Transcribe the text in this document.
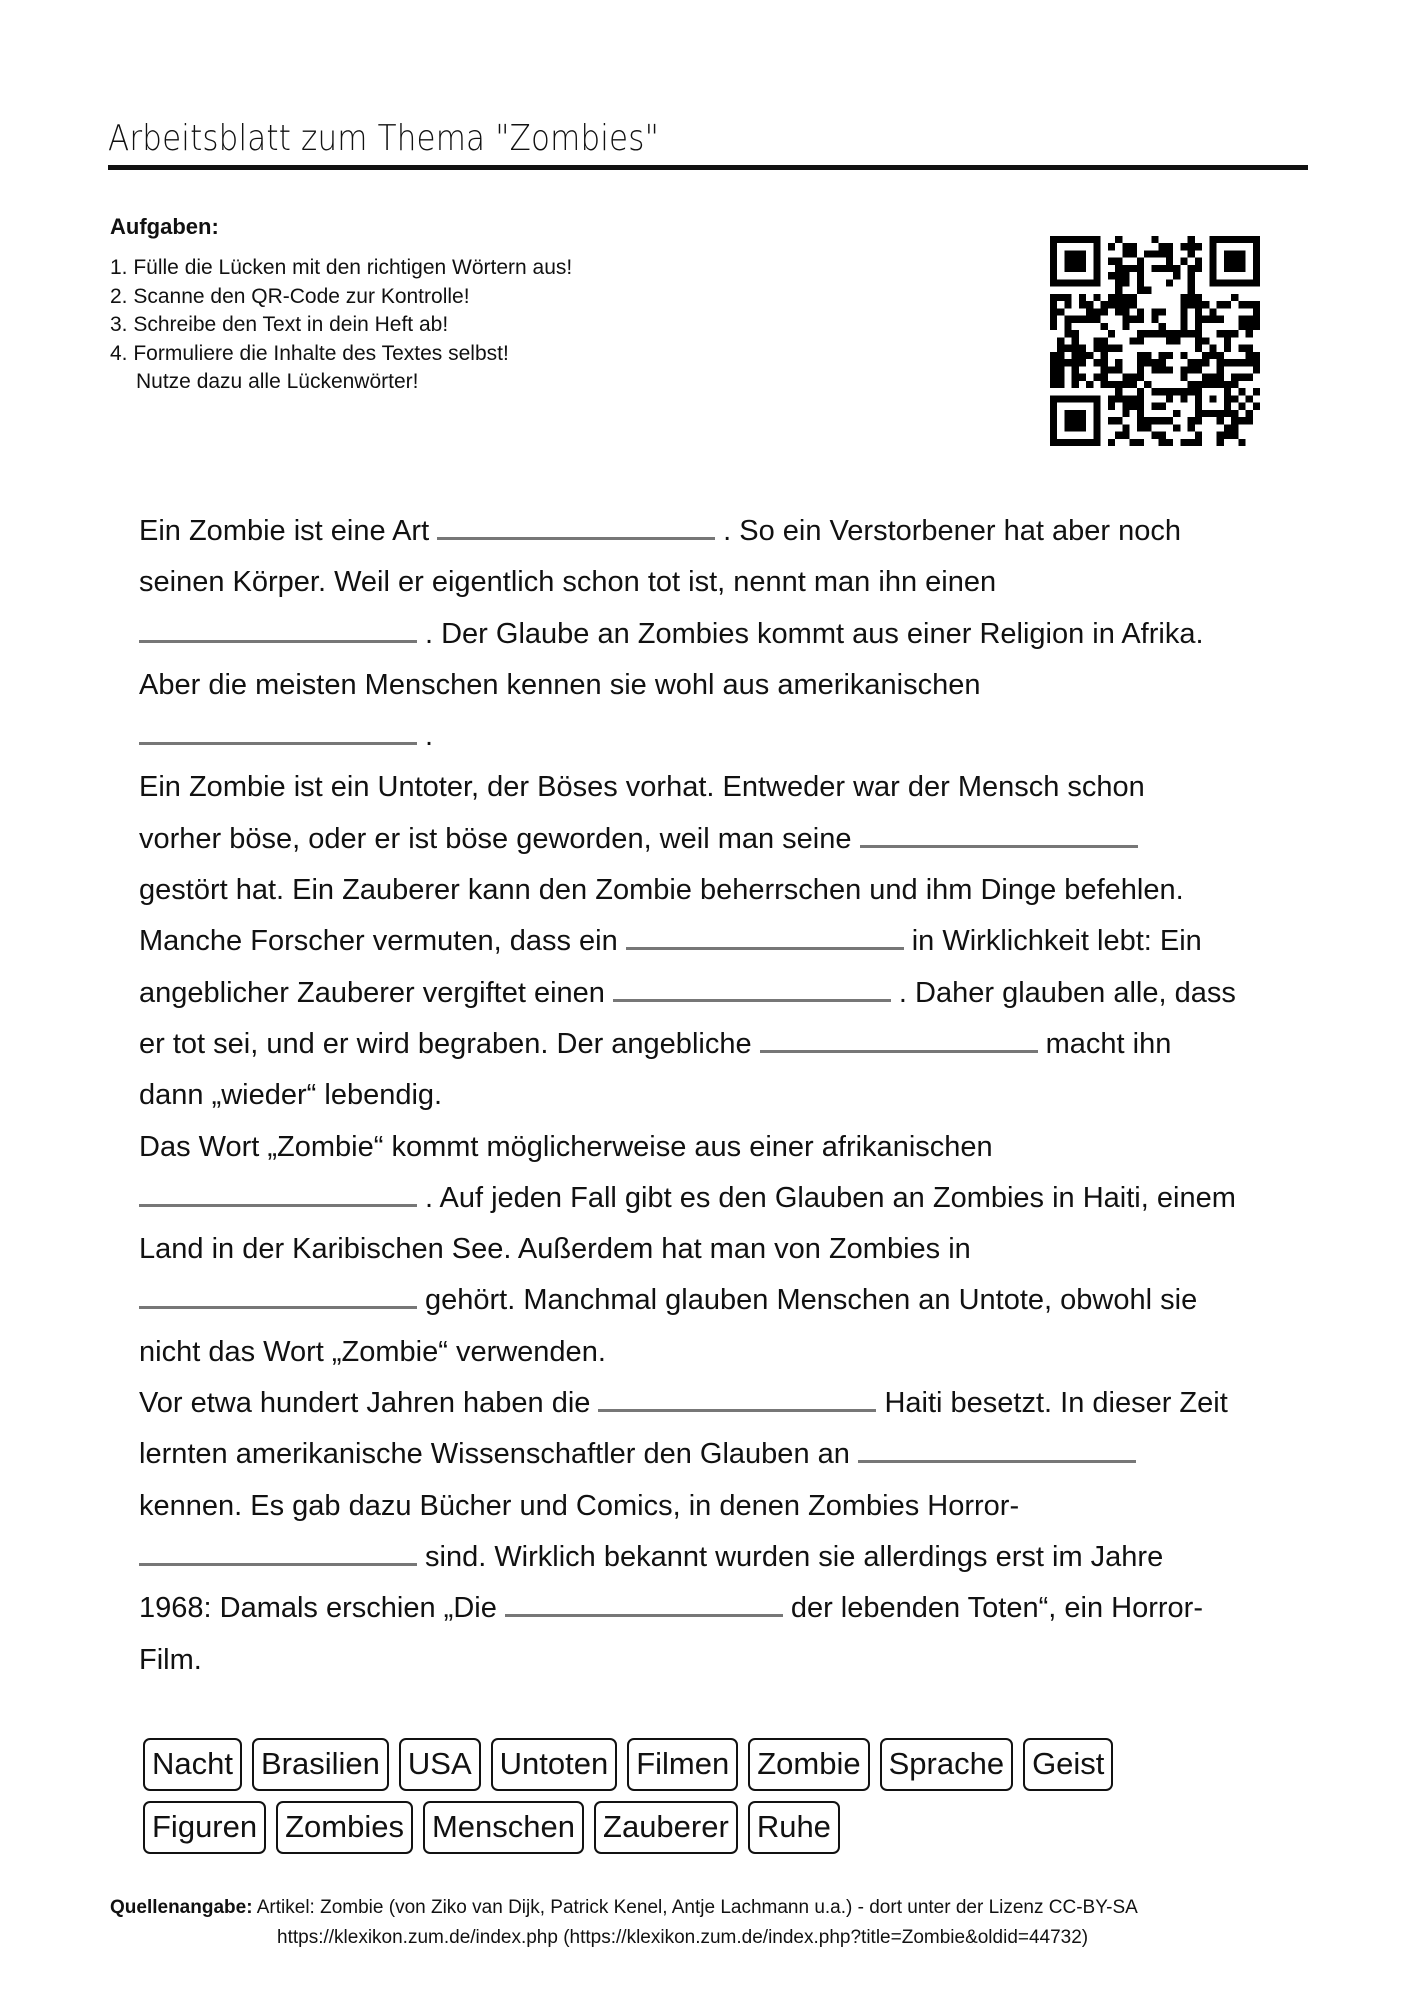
Arbeitsblatt zum Thema "Zombies"
Aufgaben:
1. Fülle die Lücken mit den richtigen Wörtern aus!
2. Scanne den QR-Code zur Kontrolle!
3. Schreibe den Text in dein Heft ab!
4. Formuliere die Inhalte des Textes selbst!
Nutze dazu alle Lückenwörter!
Ein Zombie ist eine Art	. So ein Verstorbener hat aber noch
seinen Körper. Weil er eigentlich schon tot ist, nennt man ihn einen
. Der Glaube an Zombies kommt aus einer Religion in Afrika.
Aber die meisten Menschen kennen sie wohl aus amerikanischen
.
Ein Zombie ist ein Untoter, der Böses vorhat. Entweder war der Mensch schon
vorher böse, oder er ist böse geworden, weil man seine
gestört hat. Ein Zauberer kann den Zombie beherrschen und ihm Dinge befehlen.
Manche Forscher vermuten, dass ein	in Wirklichkeit lebt: Ein
angeblicher Zauberer vergiftet einen	. Daher glauben alle, dass
er tot sei, und er wird begraben. Der angebliche	macht ihn
dann „wieder“ lebendig.
Das Wort „Zombie“ kommt möglicherweise aus einer afrikanischen
. Auf jeden Fall gibt es den Glauben an Zombies in Haiti, einem
Land in der Karibischen See. Außerdem hat man von Zombies in
gehört. Manchmal glauben Menschen an Untote, obwohl sie
nicht das Wort „Zombie“ verwenden.
Vor etwa hundert Jahren haben die	Haiti besetzt. In dieser Zeit
lernten amerikanische Wissenschaftler den Glauben an
kennen. Es gab dazu Bücher und Comics, in denen Zombies Horror-
sind. Wirklich bekannt wurden sie allerdings erst im Jahre
1968: Damals erschien „Die	der lebenden Toten“, ein Horror-
Film.
Nacht Brasilien USA Untoten Filmen Zombie Sprache Geist
Figuren Zombies Menschen Zauberer Ruhe
Quellenangabe: Artikel: Zombie (von Ziko van Dijk, Patrick Kenel, Antje Lachmann u.a.) - dort unter der Lizenz CC-BY-SA
https://klexikon.zum.de/index.php (https://klexikon.zum.de/index.php?title=Zombie&oldid=44732)
